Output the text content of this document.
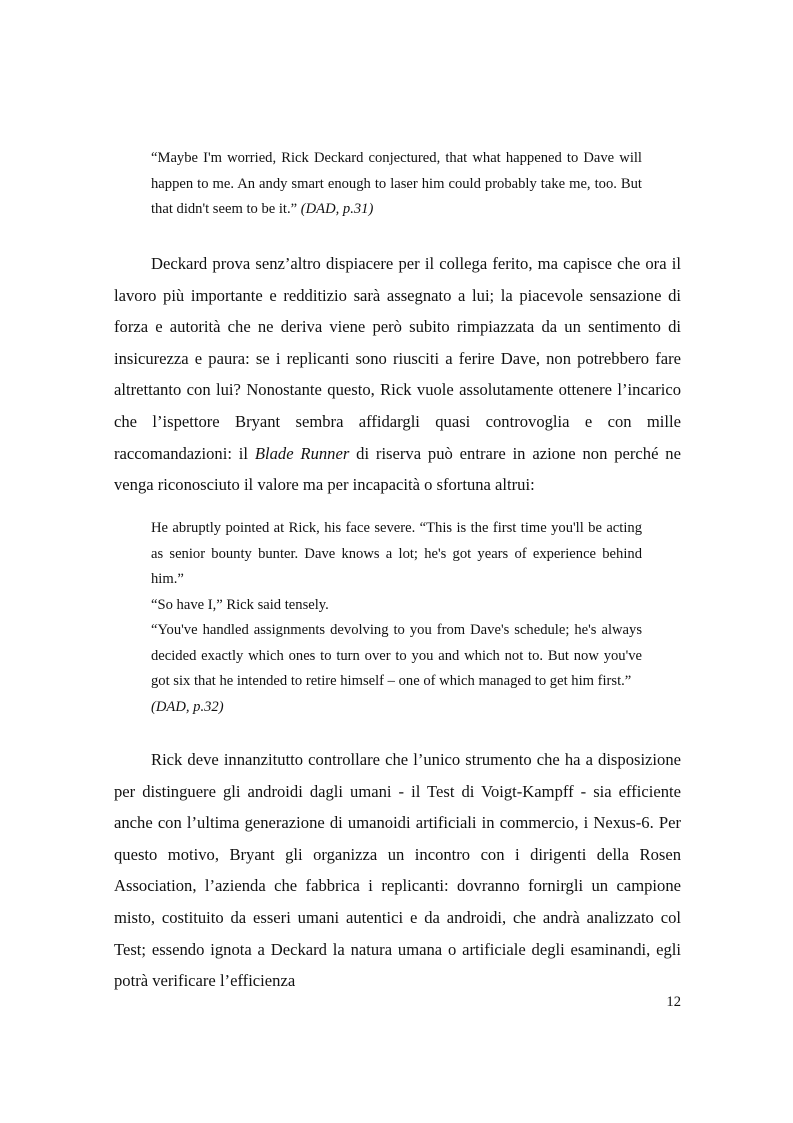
“Maybe I'm worried, Rick Deckard conjectured, that what happened to Dave will happen to me. An andy smart enough to laser him could probably take me, too. But that didn't seem to be it.” (DAD, p.31)

Deckard prova senz’altro dispiacere per il collega ferito, ma capisce che ora il lavoro più importante e redditizio sarà assegnato a lui; la piacevole sensazione di forza e autorità che ne deriva viene però subito rimpiazzata da un sentimento di insicurezza e paura: se i replicanti sono riusciti a ferire Dave, non potrebbero fare altrettanto con lui? Nonostante questo, Rick vuole assolutamente ottenere l’incarico che l’ispettore Bryant sembra affidargli quasi controvoglia e con mille raccomandazioni: il Blade Runner di riserva può entrare in azione non perché ne venga riconosciuto il valore ma per incapacità o sfortuna altrui:

He abruptly pointed at Rick, his face severe. “This is the first time you'll be acting as senior bounty bunter. Dave knows a lot; he's got years of experience behind him.”

“So have I,” Rick said tensely.

“You've handled assignments devolving to you from Dave's schedule; he's always decided exactly which ones to turn over to you and which not to. But now you've got six that he intended to retire himself – one of which managed to get him first.”

(DAD, p.32)

Rick deve innanzitutto controllare che l’unico strumento che ha a disposizione per distinguere gli androidi dagli umani - il Test di Voigt-Kampff - sia efficiente anche con l’ultima generazione di umanoidi artificiali in commercio, i Nexus-6. Per questo motivo, Bryant gli organizza un incontro con i dirigenti della Rosen Association, l’azienda che fabbrica i replicanti: dovranno fornirgli un campione misto, costituito da esseri umani autentici e da androidi, che andrà analizzato col Test; essendo ignota a Deckard la natura umana o artificiale degli esaminandi, egli potrà verificare l’efficienza

12
